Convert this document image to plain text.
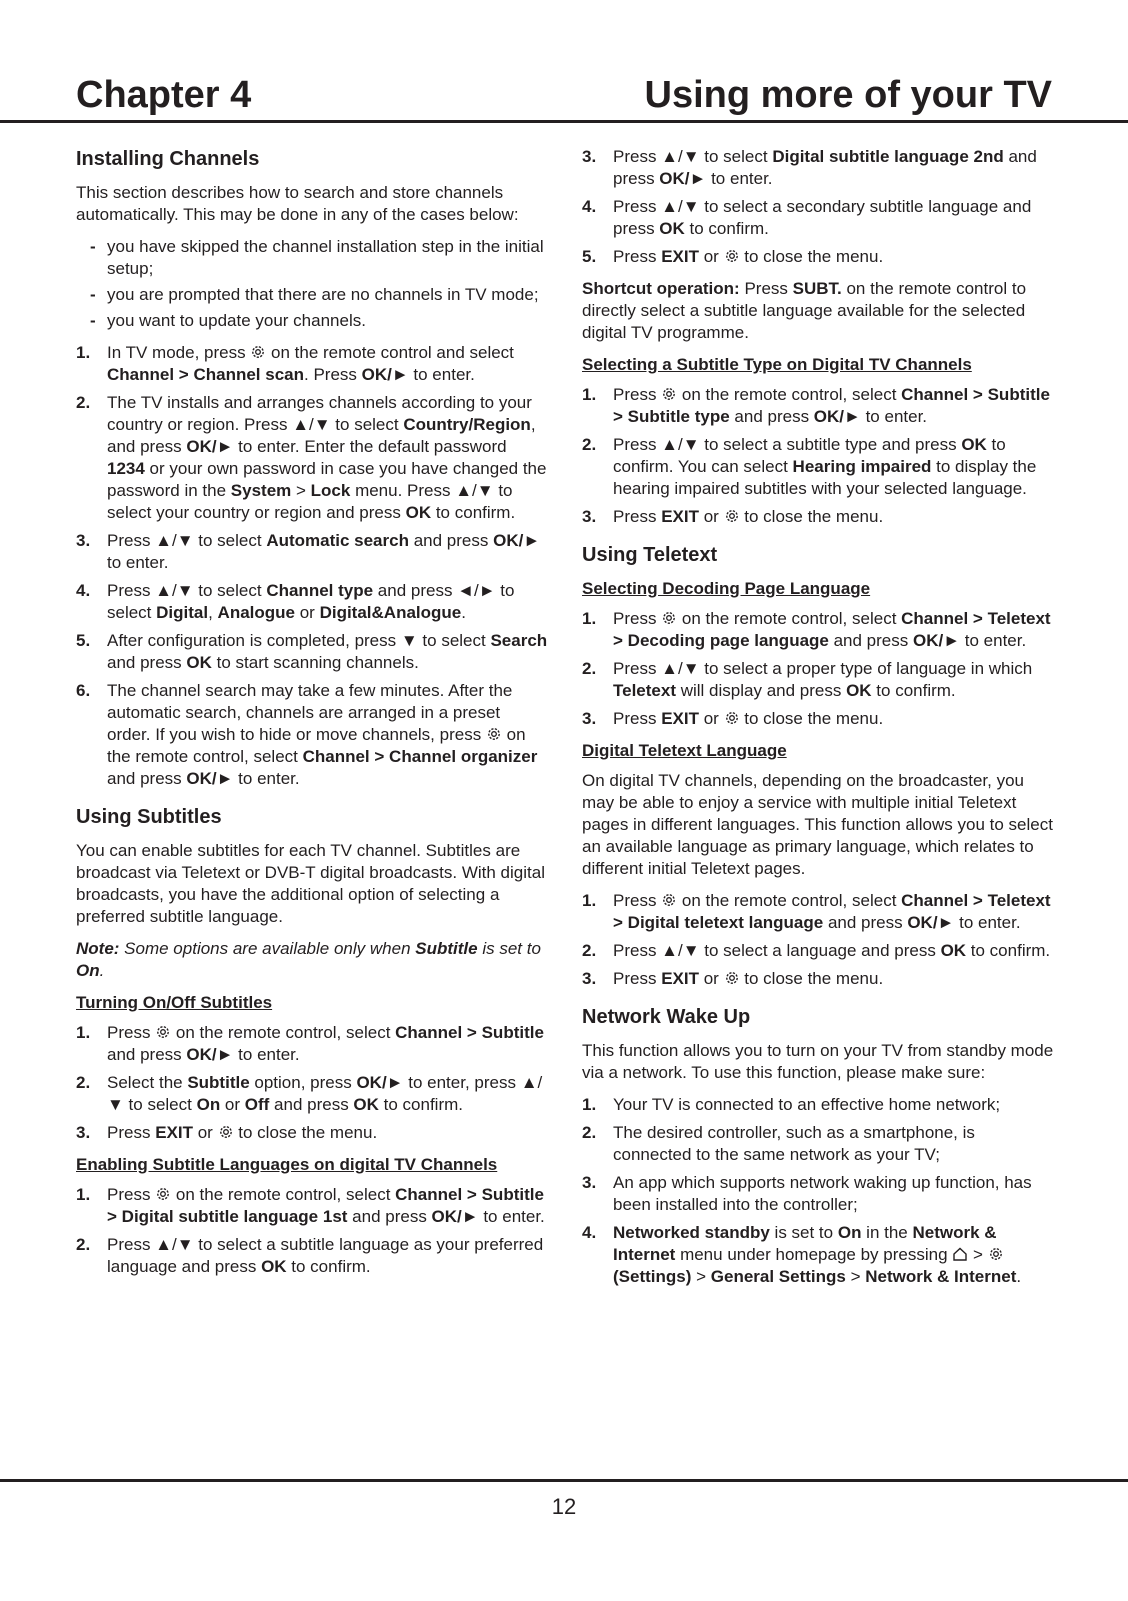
Chapter 4	Using more of your TV
Installing Channels

This section describes how to search and store channels automatically. This may be done in any of the cases below:

- you have skipped the channel installation step in the initial setup;
- you are prompted that there are no channels in TV mode;
- you want to update your channels.
1. In TV mode, press  on the remote control and select Channel > Channel scan. Press OK/► to enter.
2. The TV installs and arranges channels according to your country or region. Press ▲/▼ to select Country/Region, and press OK/► to enter. Enter the default password 1234 or your own password in case you have changed the password in the System > Lock menu. Press ▲/▼ to select your country or region and press OK to confirm.
3. Press ▲/▼ to select Automatic search and press OK/► to enter.
4. Press ▲/▼ to select Channel type and press ◄/► to select Digital, Analogue or Digital&Analogue.
5. After configuration is completed, press ▼ to select Search and press OK to start scanning channels.
6. The channel search may take a few minutes. After the automatic search, channels are arranged in a preset order. If you wish to hide or move channels, press  on the remote control, select Channel > Channel organizer and press OK/► to enter.
Using Subtitles

You can enable subtitles for each TV channel. Subtitles are broadcast via Teletext or DVB-T digital broadcasts. With digital broadcasts, you have the additional option of selecting a preferred subtitle language.

Note: Some options are available only when Subtitle is set to On.

Turning On/Off Subtitles
1. Press  on the remote control, select Channel > Subtitle and press OK/► to enter.
2. Select the Subtitle option, press OK/► to enter, press ▲/▼ to select On or Off and press OK to confirm.
3. Press EXIT or  to close the menu.
Enabling Subtitle Languages on digital TV Channels
1. Press  on the remote control, select Channel > Subtitle > Digital subtitle language 1st and press OK/► to enter.
2. Press ▲/▼ to select a subtitle language as your preferred language and press OK to confirm.
3. Press ▲/▼ to select Digital subtitle language 2nd and press OK/► to enter.
4. Press ▲/▼ to select a secondary subtitle language and press OK to confirm.
5. Press EXIT or  to close the menu.

Shortcut operation: Press SUBT. on the remote control to directly select a subtitle language available for the selected digital TV programme.

Selecting a Subtitle Type on Digital TV Channels
1. Press  on the remote control, select Channel > Subtitle > Subtitle type and press OK/► to enter.
2. Press ▲/▼ to select a subtitle type and press OK to confirm. You can select Hearing impaired to display the hearing impaired subtitles with your selected language.
3. Press EXIT or  to close the menu.
Using Teletext
Selecting Decoding Page Language
1. Press  on the remote control, select Channel > Teletext > Decoding page language and press OK/► to enter.
2. Press ▲/▼ to select a proper type of language in which Teletext will display and press OK to confirm.
3. Press EXIT or  to close the menu.
Digital Teletext Language

On digital TV channels, depending on the broadcaster, you may be able to enjoy a service with multiple initial Teletext pages in different languages. This function allows you to select an available language as primary language, which relates to different initial Teletext pages.

1. Press  on the remote control, select Channel > Teletext > Digital teletext language and press OK/► to enter.
2. Press ▲/▼ to select a language and press OK to confirm.
3. Press EXIT or  to close the menu.
Network Wake Up

This function allows you to turn on your TV from standby mode via a network. To use this function, please make sure:

1. Your TV is connected to an effective home network;
2. The desired controller, such as a smartphone, is connected to the same network as your TV;
3. An app which supports network waking up function, has been installed into the controller;
4. Networked standby is set to On in the Network & Internet menu under homepage by pressing  > (Settings) > General Settings > Network & Internet.
12
